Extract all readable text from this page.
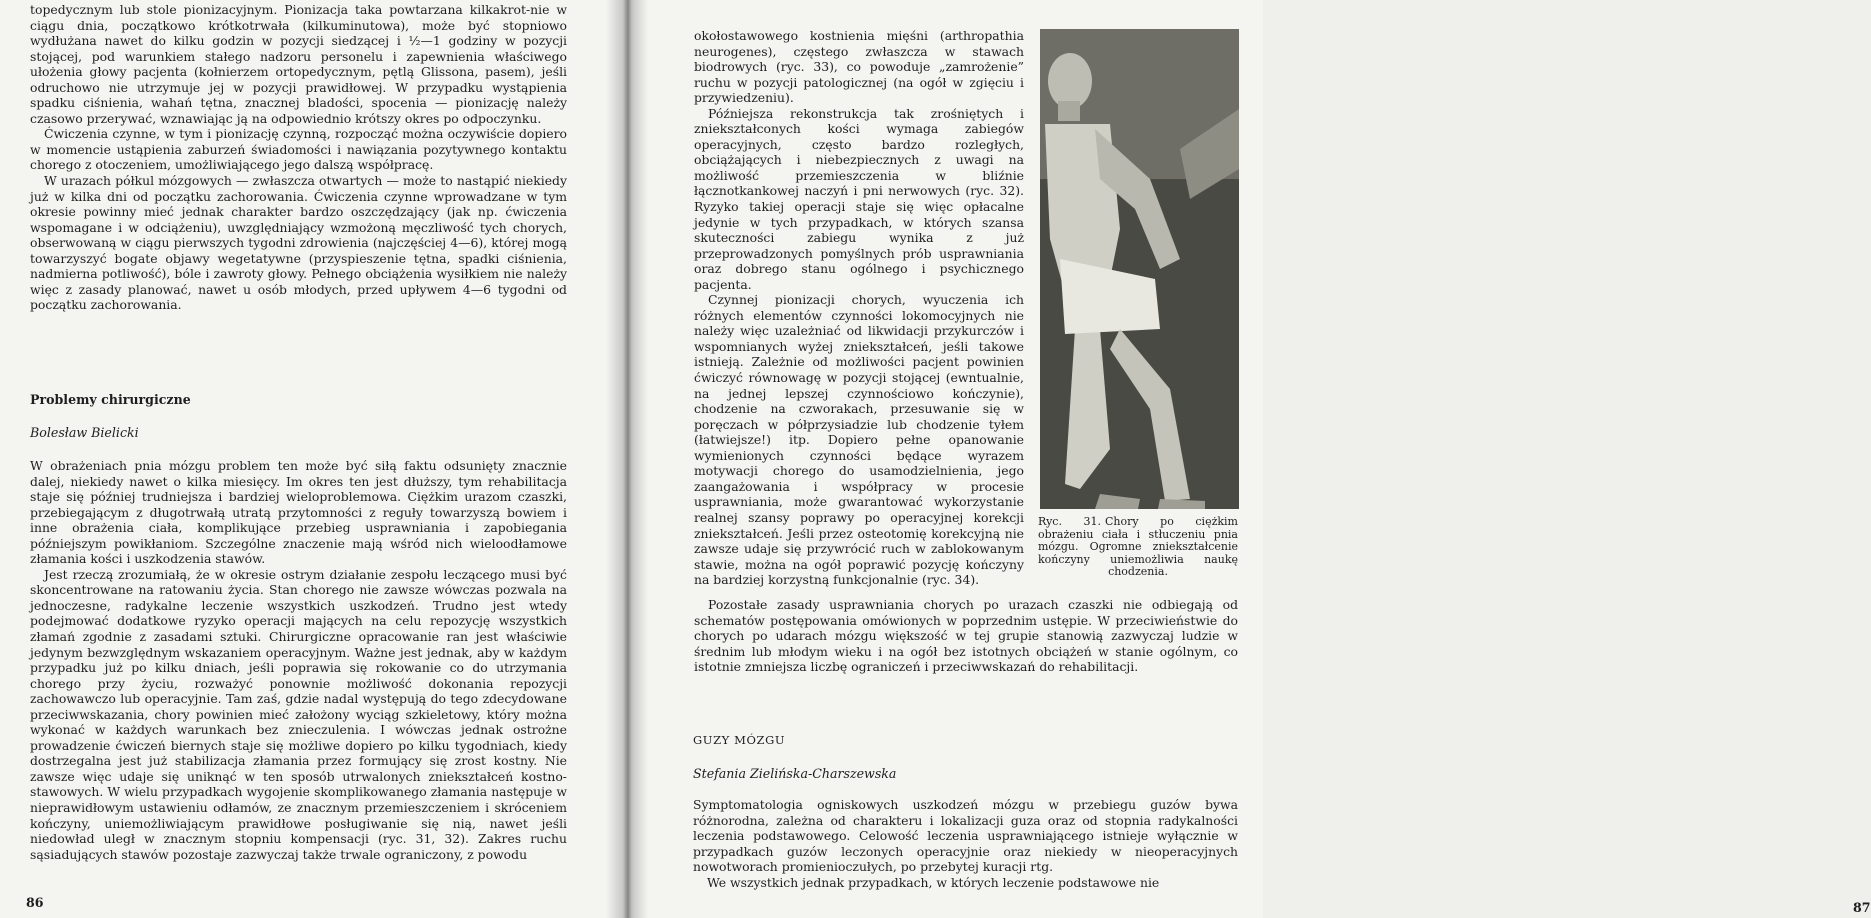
topedycznym lub stole pionizacyjnym. Pionizacja taka powtarzana kilkakrot-nie w ciągu dnia, początkowo krótkotrwała (kilkuminutowa), może być stopniowo wydłużana nawet do kilku godzin w pozycji siedzącej i ½—1 godziny w pozycji stojącej, pod warunkiem stałego nadzoru personelu i zapewnienia właściwego ułożenia głowy pacjenta (kołnierzem ortopedycznym, pętlą Glissona, pasem), jeśli odruchowo nie utrzymuje jej w pozycji prawidłowej. W przypadku wystąpienia spadku ciśnienia, wahań tętna, znacznej bladości, spocenia — pionizację należy czasowo przerywać, wznawiając ją na odpowiednio krótszy okres po odpoczynku.

Ćwiczenia czynne, w tym i pionizację czynną, rozpocząć można oczywiście dopiero w momencie ustąpienia zaburzeń świadomości i nawiązania pozytywnego kontaktu chorego z otoczeniem, umożliwiającego jego dalszą współpracę.

W urazach półkul mózgowych — zwłaszcza otwartych — może to nastąpić niekiedy już w kilka dni od początku zachorowania. Ćwiczenia czynne wprowadzane w tym okresie powinny mieć jednak charakter bardzo oszczędzający (jak np. ćwiczenia wspomagane i w odciążeniu), uwzględniający wzmożoną męczliwość tych chorych, obserwowaną w ciągu pierwszych tygodni zdrowienia (najczęściej 4—6), której mogą towarzyszyć bogate objawy wegetatywne (przyspieszenie tętna, spadki ciśnienia, nadmierna potliwość), bóle i zawroty głowy. Pełnego obciążenia wysiłkiem nie należy więc z zasady planować, nawet u osób młodych, przed upływem 4—6 tygodni od początku zachorowania.

Problemy chirurgiczne
Bolesław Bielicki

W obrażeniach pnia mózgu problem ten może być siłą faktu odsunięty znacznie dalej, niekiedy nawet o kilka miesięcy. Im okres ten jest dłuższy, tym rehabilitacja staje się później trudniejsza i bardziej wieloproblemowa. Ciężkim urazom czaszki, przebiegającym z długotrwałą utratą przytomności z reguły towarzyszą bowiem i inne obrażenia ciała, komplikujące przebieg usprawniania i zapobiegania późniejszym powikłaniom. Szczególne znaczenie mają wśród nich wieloodłamowe złamania kości i uszkodzenia stawów.

Jest rzeczą zrozumiałą, że w okresie ostrym działanie zespołu leczącego musi być skoncentrowane na ratowaniu życia. Stan chorego nie zawsze wówczas pozwala na jednoczesne, radykalne leczenie wszystkich uszkodzeń. Trudno jest wtedy podejmować dodatkowe ryzyko operacji mających na celu repozycję wszystkich złamań zgodnie z zasadami sztuki. Chirurgiczne opracowanie ran jest właściwie jedynym bezwzględnym wskazaniem operacyjnym. Ważne jest jednak, aby w każdym przypadku już po kilku dniach, jeśli poprawia się rokowanie co do utrzymania chorego przy życiu, rozważyć ponownie możliwość dokonania repozycji zachowawczo lub operacyjnie. Tam zaś, gdzie nadal występują do tego zdecydowane przeciwwskazania, chory powinien mieć założony wyciąg szkieletowy, który można wykonać w każdych warunkach bez znieczulenia. I wówczas jednak ostrożne prowadzenie ćwiczeń biernych staje się możliwe dopiero po kilku tygodniach, kiedy dostrzegalna jest już stabilizacja złamania przez formujący się zrost kostny. Nie zawsze więc udaje się uniknąć w ten sposób utrwalonych zniekształceń kostno-stawowych. W wielu przypadkach wygojenie skomplikowanego złamania następuje w nieprawidłowym ustawieniu odłamów, ze znacznym przemieszczeniem i skróceniem kończyny, uniemożliwiającym prawidłowe posługiwanie się nią, nawet jeśli niedowład uległ w znacznym stopniu kompensacji (ryc. 31, 32). Zakres ruchu sąsiadujących stawów pozostaje zazwyczaj także trwale ograniczony, z powodu

86

okołostawowego kostnienia mięśni (arthropathia neurogenes), częstego zwłaszcza w stawach biodrowych (ryc. 33), co powoduje „zamrożenie” ruchu w pozycji patologicznej (na ogół w zgięciu i przywiedzeniu).

Późniejsza rekonstrukcja tak zrośniętych i zniekształconych kości wymaga zabiegów operacyjnych, często bardzo rozległych, obciążających i niebezpiecznych z uwagi na możliwość przemieszczenia w bliźnie łącznotkankowej naczyń i pni nerwowych (ryc. 32). Ryzyko takiej operacji staje się więc opłacalne jedynie w tych przypadkach, w których szansa skuteczności zabiegu wynika z już przeprowadzonych pomyślnych prób usprawniania oraz dobrego stanu ogólnego i psychicznego pacjenta.

Czynnej pionizacji chorych, wyuczenia ich różnych elementów czynności lokomocyjnych nie należy więc uzależniać od likwidacji przykurczów i wspomnianych wyżej zniekształceń, jeśli takowe istnieją. Zależnie od możliwości pacjent powinien ćwiczyć równowagę w pozycji stojącej (ewntualnie, na jednej lepszej czynnościowo kończynie), chodzenie na czworakach, przesuwanie się w poręczach w półprzysiadzie lub chodzenie tyłem (łatwiejsze!) itp. Dopiero pełne opanowanie wymienionych czynności będące wyrazem motywacji chorego do usamodzielnienia, jego zaangażowania i współpracy w procesie usprawniania, może gwarantować wykorzystanie realnej szansy poprawy po operacyjnej korekcji zniekształceń. Jeśli przez osteotomię korekcyjną nie zawsze udaje się przywrócić ruch w zablokowanym stawie, można na ogół poprawić pozycję kończyny na bardziej korzystną funkcjonalnie (ryc. 34).

Ryc. 31. Chory po ciężkim obrażeniu ciała i stłuczeniu pnia mózgu. Ogromne zniekształcenie kończyny uniemożliwia naukę chodzenia.

Pozostałe zasady usprawniania chorych po urazach czaszki nie odbiegają od schematów postępowania omówionych w poprzednim ustępie. W przeciwieństwie do chorych po udarach mózgu większość w tej grupie stanowią zazwyczaj ludzie w średnim lub młodym wieku i na ogół bez istotnych obciążeń w stanie ogólnym, co istotnie zmniejsza liczbę ograniczeń i przeciwwskazań do rehabilitacji.

GUZY MÓZGU
Stefania Zielińska-Charszewska

Symptomatologia ogniskowych uszkodzeń mózgu w przebiegu guzów bywa różnorodna, zależna od charakteru i lokalizacji guza oraz od stopnia radykalności leczenia podstawowego. Celowość leczenia usprawniającego istnieje wyłącznie w przypadkach guzów leczonych operacyjnie oraz niekiedy w nieoperacyjnych nowotworach promienioczułych, po przebytej kuracji rtg.

We wszystkich jednak przypadkach, w których leczenie podstawowe nie

87
